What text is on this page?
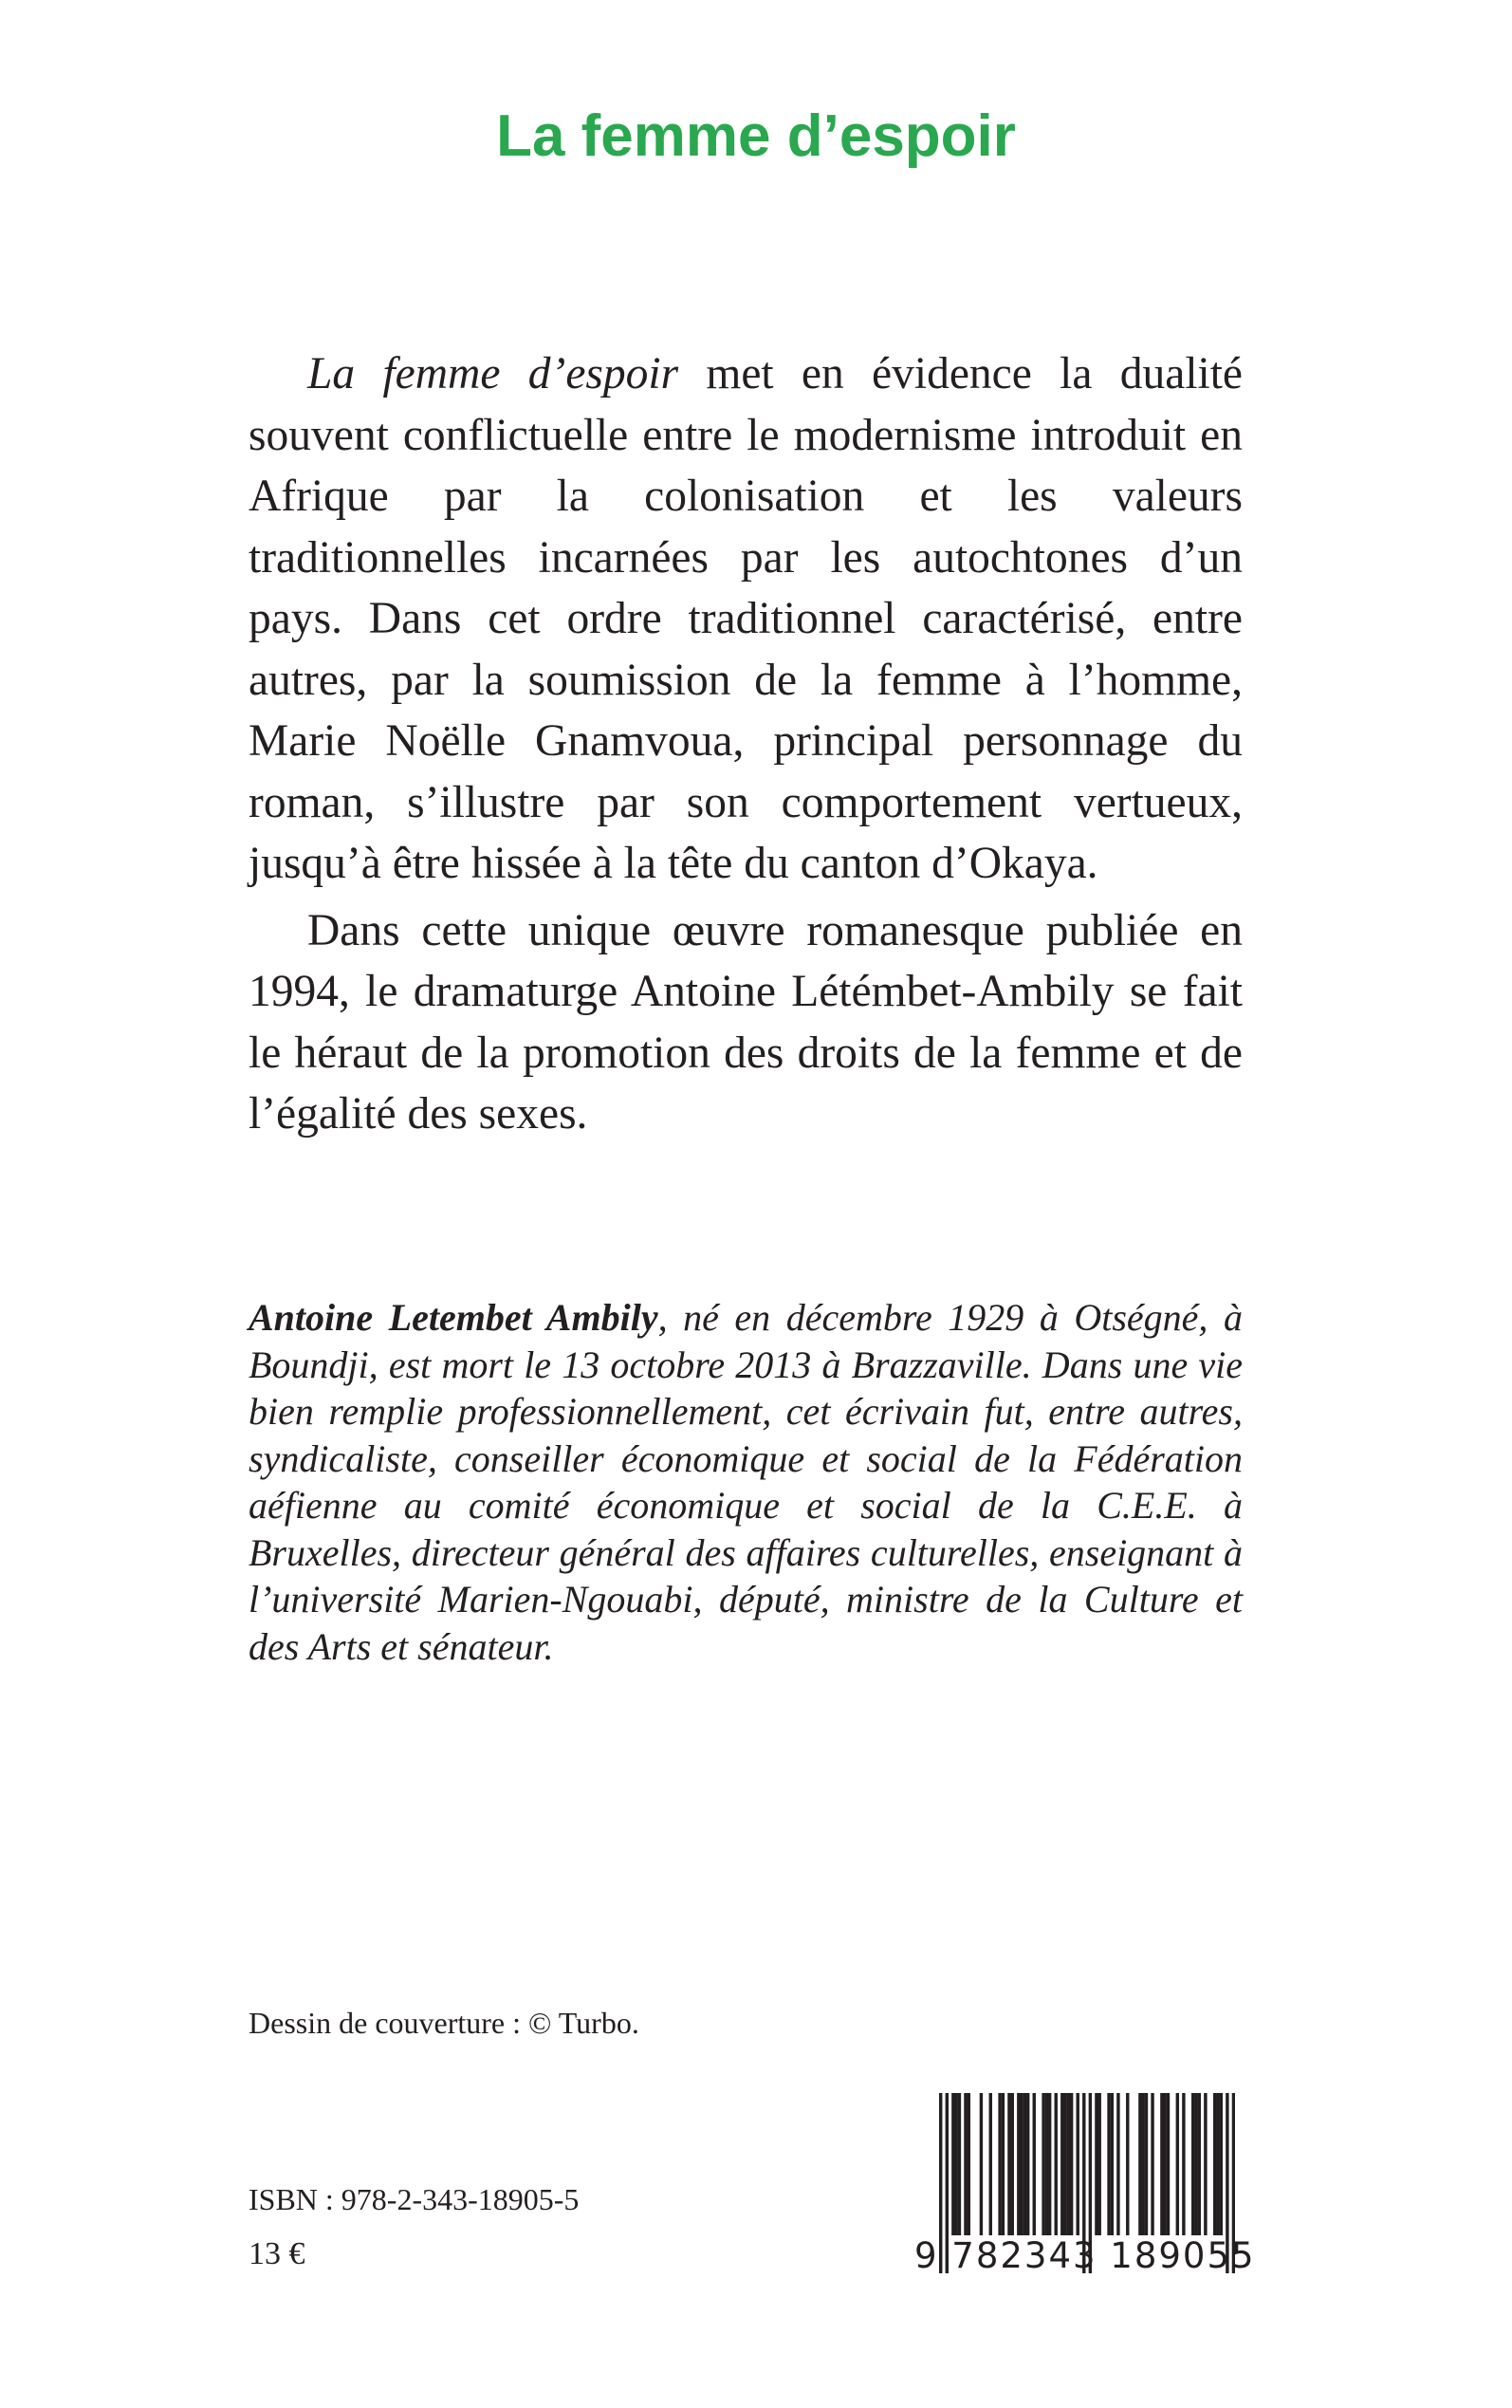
La femme d’espoir

La femme d’espoir met en évidence la dualité souvent conflictuelle entre le modernisme introduit en Afrique par la colonisation et les valeurs traditionnelles incarnées par les autochtones d’un pays. Dans cet ordre traditionnel caractérisé, entre autres, par la soumission de la femme à l’homme, Marie Noëlle Gnamvoua, principal personnage du roman, s’illustre par son comportement vertueux, jusqu’à être hissée à la tête du canton d’Okaya.

Dans cette unique œuvre romanesque publiée en 1994, le dramaturge Antoine Létémbet-Ambily se fait le héraut de la promotion des droits de la femme et de l’égalité des sexes.

Antoine Letembet Ambily, né en décembre 1929 à Otségné, à Boundji, est mort le 13 octobre 2013 à Brazzaville. Dans une vie bien remplie professionnellement, cet écrivain fut, entre autres, syndicaliste, conseiller économique et social de la Fédération aéfienne au comité économique et social de la C.E.E. à Bruxelles, directeur général des affaires culturelles, enseignant à l’université Marien-Ngouabi, député, ministre de la Culture et des Arts et sénateur.

Dessin de couverture : © Turbo.

9 782343 189055

ISBN : 978-2-343-18905-5

13 €
